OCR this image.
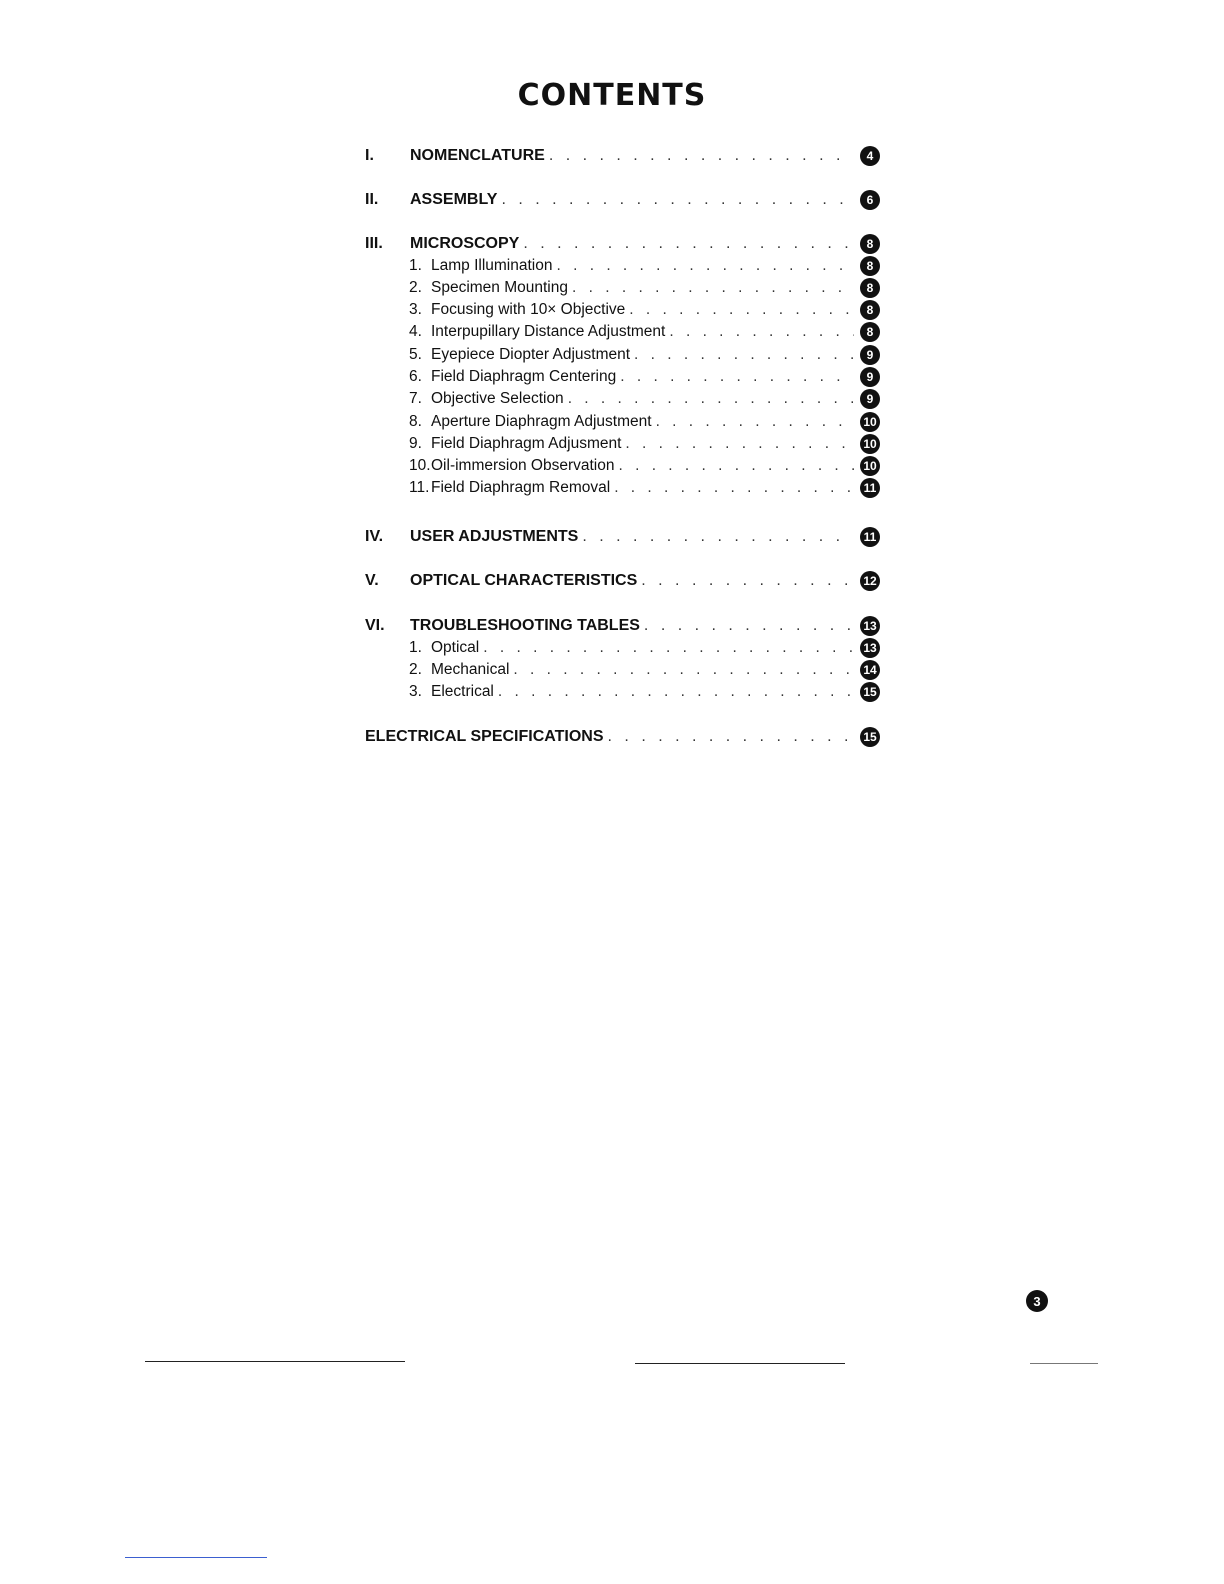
CONTENTS
I.	NOMENCLATURE . . .	4
II.	ASSEMBLY . . .	6
III.	MICROSCOPY . . .	8
1. Lamp Illumination . . .	8
2. Specimen Mounting . . .	8
3. Focusing with 10× Objective . . .	8
4. Interpupillary Distance Adjustment . . .	8
5. Eyepiece Diopter Adjustment . . .	9
6. Field Diaphragm Centering . . .	9
7. Objective Selection . . .	9
8. Aperture Diaphragm Adjustment . . .	10
9. Field Diaphragm Adjusment . . .	10
10. Oil-immersion Observation . . .	10
11. Field Diaphragm Removal . . .	11
IV.	USER ADJUSTMENTS . . .	11
V.	OPTICAL CHARACTERISTICS . . .	12
VI.	TROUBLESHOOTING TABLES . . .	13
1. Optical . . .	13
2. Mechanical . . .	14
3. Electrical . . .	15
ELECTRICAL SPECIFICATIONS . . .	15
3
